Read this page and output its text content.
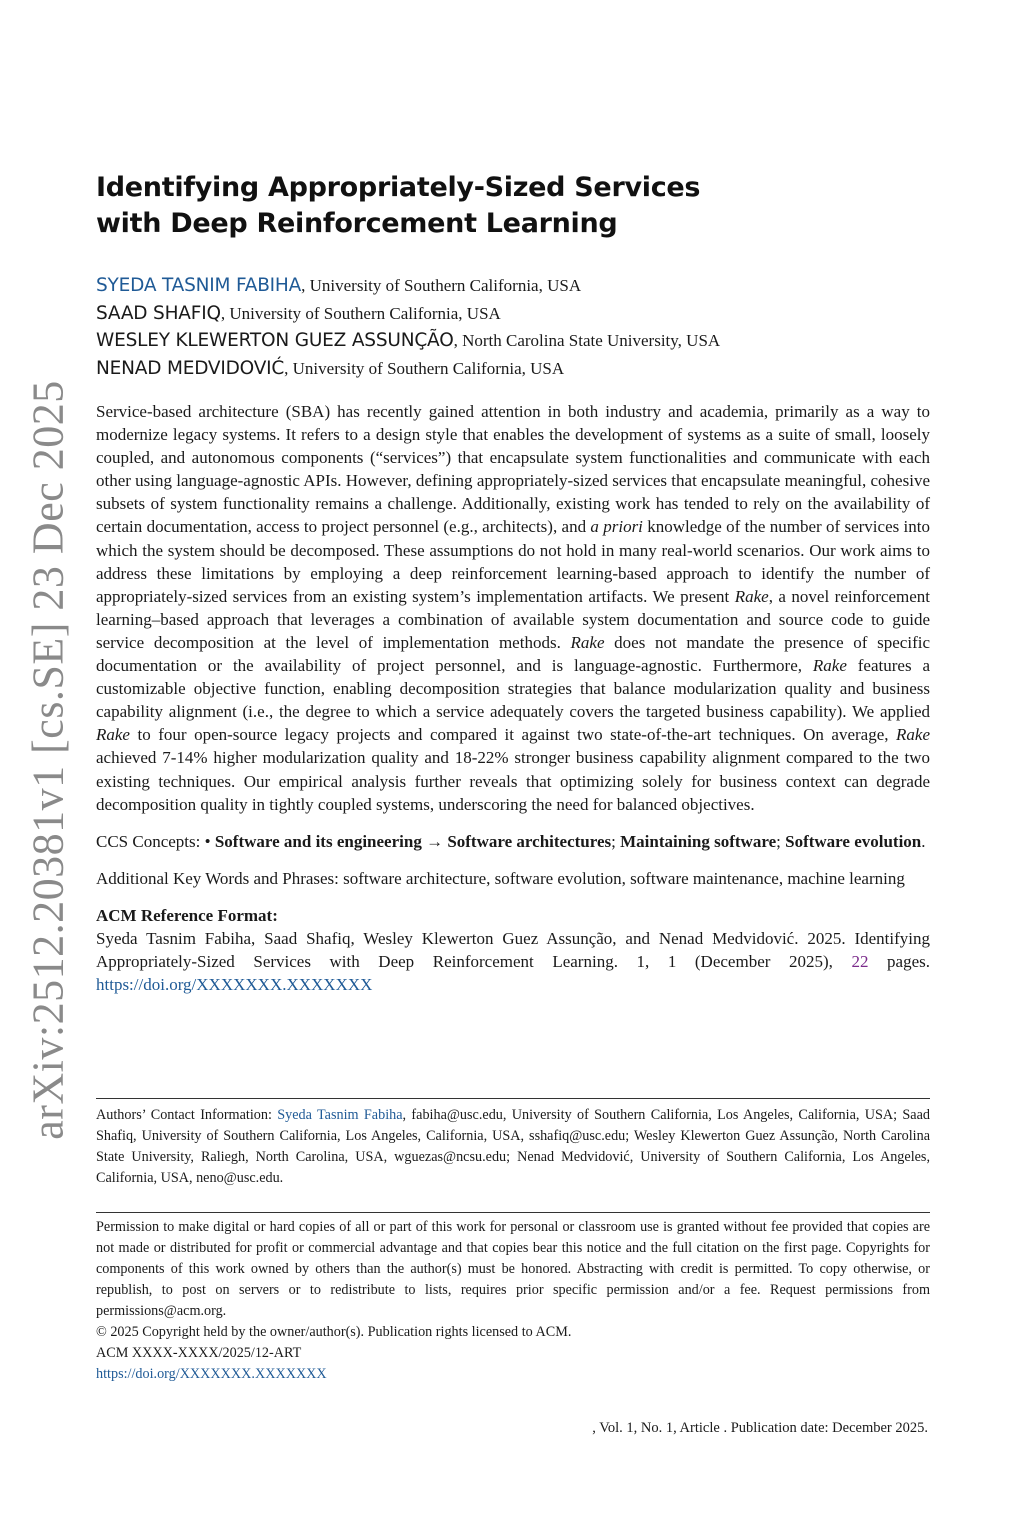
arXiv:2512.20381v1 [cs.SE] 23 Dec 2025
Identifying Appropriately-Sized Services
with Deep Reinforcement Learning
SYEDA TASNIM FABIHA, University of Southern California, USA
SAAD SHAFIQ, University of Southern California, USA
WESLEY KLEWERTON GUEZ ASSUNÇÃO, North Carolina State University, USA
NENAD MEDVIDOVIĆ, University of Southern California, USA

Service-based architecture (SBA) has recently gained attention in both industry and academia, primarily as a way to modernize legacy systems. It refers to a design style that enables the development of systems as a suite of small, loosely coupled, and autonomous components (“services”) that encapsulate system functionalities and communicate with each other using language-agnostic APIs. However, defining appropriately-sized services that encapsulate meaningful, cohesive subsets of system functionality remains a challenge. Additionally, existing work has tended to rely on the availability of certain documentation, access to project personnel (e.g., architects), and a priori knowledge of the number of services into which the system should be decomposed. These assumptions do not hold in many real-world scenarios. Our work aims to address these limitations by employing a deep reinforcement learning-based approach to identify the number of appropriately-sized services from an existing system’s implementation artifacts. We present Rake, a novel reinforcement learning–based approach that leverages a combination of available system documentation and source code to guide service decomposition at the level of implementation methods. Rake does not mandate the presence of specific documentation or the availability of project personnel, and is language-agnostic. Furthermore, Rake features a customizable objective function, enabling decomposition strategies that balance modularization quality and business capability alignment (i.e., the degree to which a service adequately covers the targeted business capability). We applied Rake to four open-source legacy projects and compared it against two state-of-the-art techniques. On average, Rake achieved 7-14% higher modularization quality and 18-22% stronger business capability alignment compared to the two existing techniques. Our empirical analysis further reveals that optimizing solely for business context can degrade decomposition quality in tightly coupled systems, underscoring the need for balanced objectives.

CCS Concepts: • Software and its engineering → Software architectures; Maintaining software; Software evolution.

Additional Key Words and Phrases: software architecture, software evolution, software maintenance, machine learning

ACM Reference Format:

Syeda Tasnim Fabiha, Saad Shafiq, Wesley Klewerton Guez Assunção, and Nenad Medvidović. 2025. Identifying Appropriately-Sized Services with Deep Reinforcement Learning. 1, 1 (December 2025), 22 pages. https://doi.org/XXXXXXX.XXXXXXX

Authors’ Contact Information: Syeda Tasnim Fabiha, fabiha@usc.edu, University of Southern California, Los Angeles, California, USA; Saad Shafiq, University of Southern California, Los Angeles, California, USA, sshafiq@usc.edu; Wesley Klewerton Guez Assunção, North Carolina State University, Raliegh, North Carolina, USA, wguezas@ncsu.edu; Nenad Medvidović, University of Southern California, Los Angeles, California, USA, neno@usc.edu.

Permission to make digital or hard copies of all or part of this work for personal or classroom use is granted without fee provided that copies are not made or distributed for profit or commercial advantage and that copies bear this notice and the full citation on the first page. Copyrights for components of this work owned by others than the author(s) must be honored. Abstracting with credit is permitted. To copy otherwise, or republish, to post on servers or to redistribute to lists, requires prior specific permission and/or a fee. Request permissions from permissions@acm.org.

© 2025 Copyright held by the owner/author(s). Publication rights licensed to ACM.

ACM XXXX-XXXX/2025/12-ART

https://doi.org/XXXXXXX.XXXXXXX

, Vol. 1, No. 1, Article . Publication date: December 2025.
